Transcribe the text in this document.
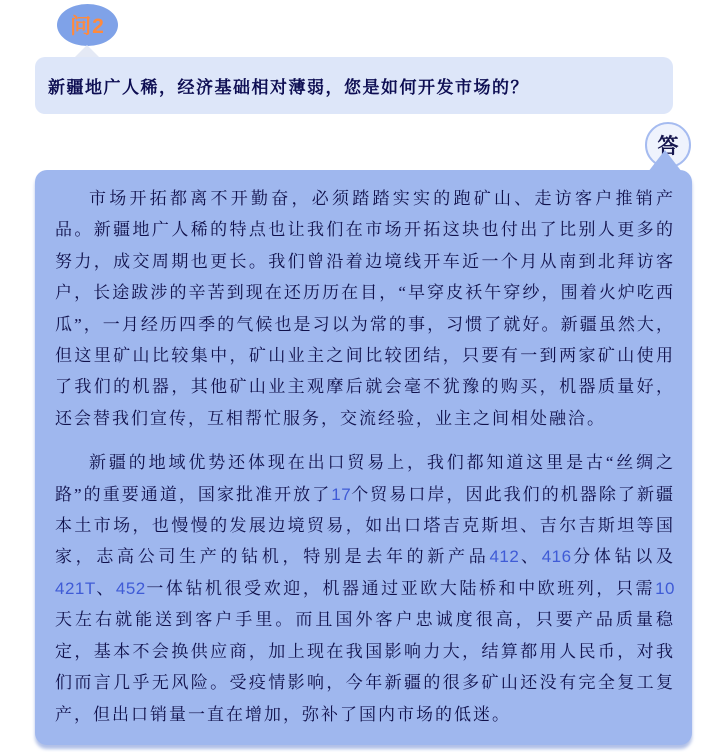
问2
新疆地广人稀，经济基础相对薄弱，您是如何开发市场的？
答

市场开拓都离不开勤奋，必须踏踏实实的跑矿山、走访客户推销产品。新疆地广人稀的特点也让我们在市场开拓这块也付出了比别人更多的努力，成交周期也更长。我们曾沿着边境线开车近一个月从南到北拜访客户，长途跋涉的辛苦到现在还历历在目，“早穿皮袄午穿纱，围着火炉吃西瓜”，一月经历四季的气候也是习以为常的事，习惯了就好。新疆虽然大，但这里矿山比较集中，矿山业主之间比较团结，只要有一到两家矿山使用了我们的机器，其他矿山业主观摩后就会毫不犹豫的购买，机器质量好，还会替我们宣传，互相帮忙服务，交流经验，业主之间相处融洽。

新疆的地域优势还体现在出口贸易上，我们都知道这里是古“丝绸之路”的重要通道，国家批准开放了17个贸易口岸，因此我们的机器除了新疆本土市场，也慢慢的发展边境贸易，如出口塔吉克斯坦、吉尔吉斯坦等国家，志高公司生产的钻机，特别是去年的新产品412、416分体钻以及421T、452一体钻机很受欢迎，机器通过亚欧大陆桥和中欧班列，只需10天左右就能送到客户手里。而且国外客户忠诚度很高，只要产品质量稳定，基本不会换供应商，加上现在我国影响力大，结算都用人民币，对我们而言几乎无风险。受疫情影响，今年新疆的很多矿山还没有完全复工复产，但出口销量一直在增加，弥补了国内市场的低迷。
